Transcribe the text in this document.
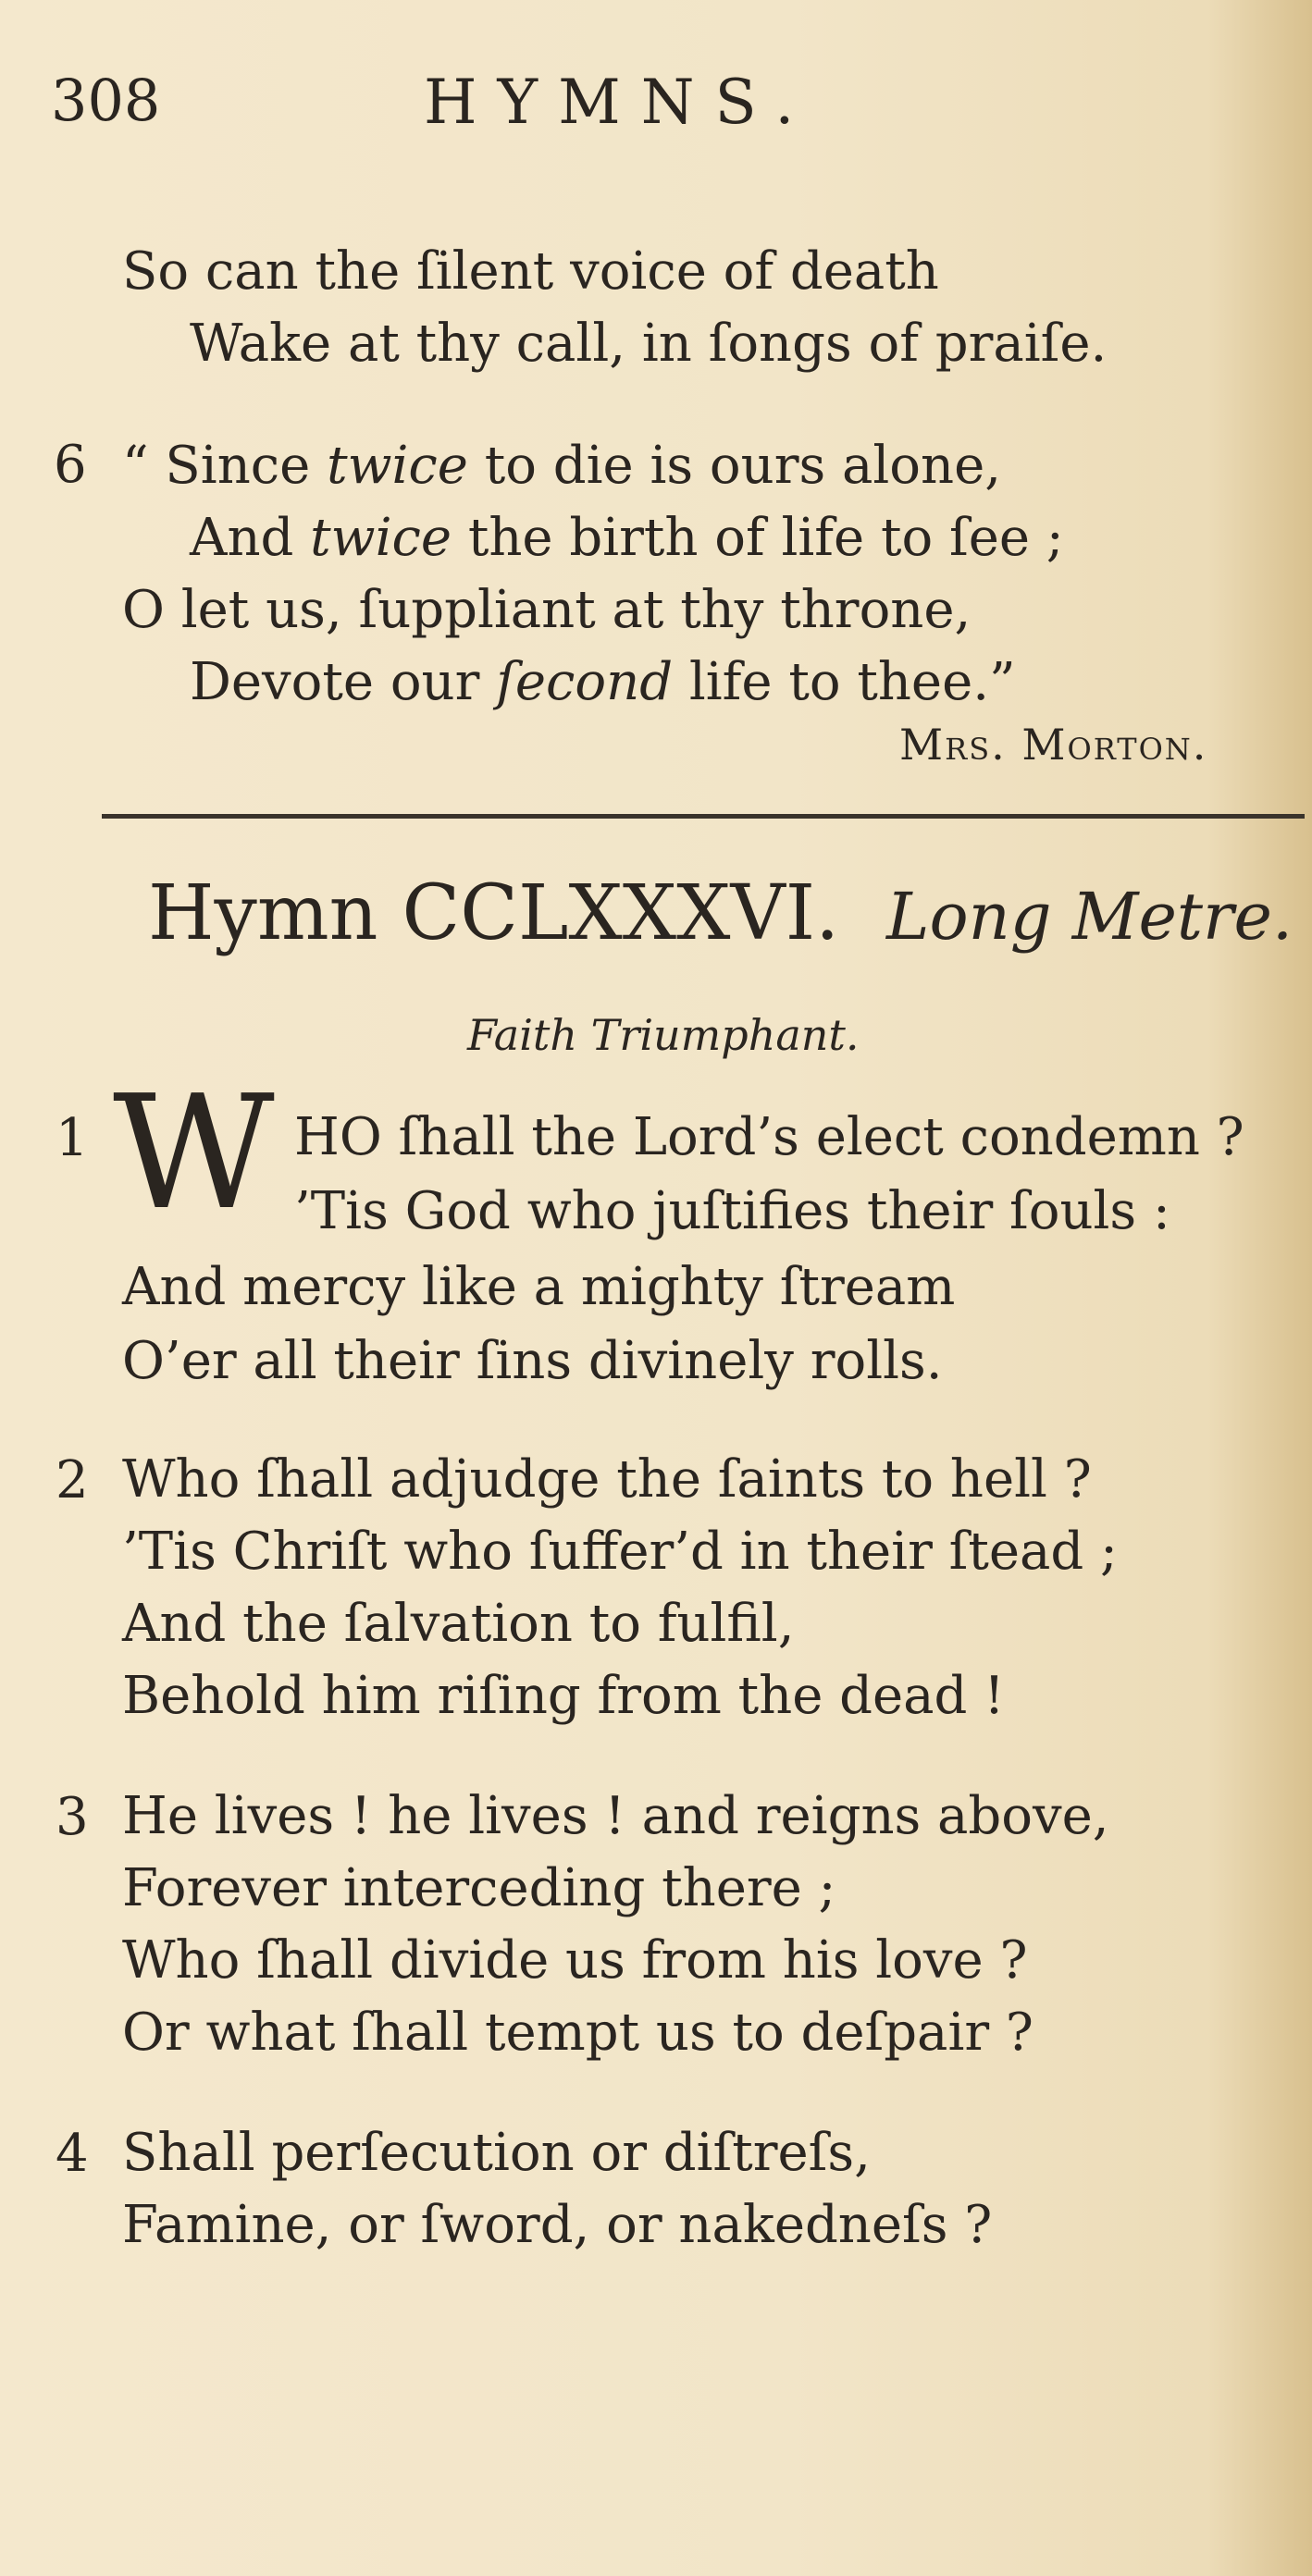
308	HYMNS.
So can the ſilent voice of death
Wake at thy call, in ſongs of praiſe.
6 “ Since twice to die is ours alone,
And twice the birth of life to ſee ;
O let us, ſuppliant at thy throne,
Devote our ſecond life to thee.”
Mrs. Morton.
Hymn CCLXXXVI. Long Metre.
Faith Triumphant.
1 W HO ſhall the Lord’s elect condemn ?
’Tis God who juſtifies their ſouls :
And mercy like a mighty ſtream
O’er all their ſins divinely rolls.
2 Who ſhall adjudge the ſaints to hell ?
’Tis Chriſt who ſuffer’d in their ſtead ;
And the ſalvation to fulfil,
Behold him riſing from the dead !
3 He lives ! he lives ! and reigns above,
Forever interceding there ;
Who ſhall divide us from his love ?
Or what ſhall tempt us to deſpair ?
4 Shall perſecution or diſtreſs,
Famine, or ſword, or nakedneſs ?
